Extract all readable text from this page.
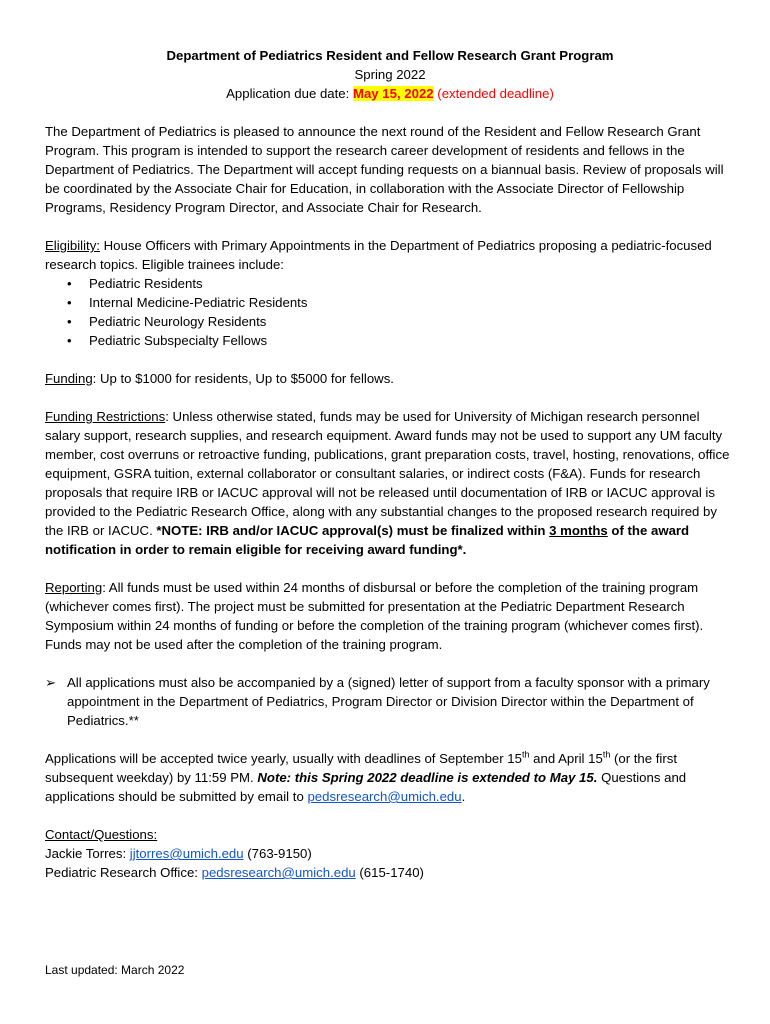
Department of Pediatrics Resident and Fellow Research Grant Program
Spring 2022
Application due date: May 15, 2022 (extended deadline)

The Department of Pediatrics is pleased to announce the next round of the Resident and Fellow Research Grant Program. This program is intended to support the research career development of residents and fellows in the Department of Pediatrics. The Department will accept funding requests on a biannual basis. Review of proposals will be coordinated by the Associate Chair for Education, in collaboration with the Associate Director of Fellowship Programs, Residency Program Director, and Associate Chair for Research.

Eligibility: House Officers with Primary Appointments in the Department of Pediatrics proposing a pediatric-focused research topics. Eligible trainees include:

• Pediatric Residents
• Internal Medicine-Pediatric Residents
• Pediatric Neurology Residents
• Pediatric Subspecialty Fellows

Funding: Up to $1000 for residents, Up to $5000 for fellows.

Funding Restrictions: Unless otherwise stated, funds may be used for University of Michigan research personnel salary support, research supplies, and research equipment. Award funds may not be used to support any UM faculty member, cost overruns or retroactive funding, publications, grant preparation costs, travel, hosting, renovations, office equipment, GSRA tuition, external collaborator or consultant salaries, or indirect costs (F&A). Funds for research proposals that require IRB or IACUC approval will not be released until documentation of IRB or IACUC approval is provided to the Pediatric Research Office, along with any substantial changes to the proposed research required by the IRB or IACUC. *NOTE: IRB and/or IACUC approval(s) must be finalized within 3 months of the award notification in order to remain eligible for receiving award funding*.

Reporting: All funds must be used within 24 months of disbursal or before the completion of the training program (whichever comes first). The project must be submitted for presentation at the Pediatric Department Research Symposium within 24 months of funding or before the completion of the training program (whichever comes first). Funds may not be used after the completion of the training program.

➢ All applications must also be accompanied by a (signed) letter of support from a faculty sponsor with a primary appointment in the Department of Pediatrics, Program Director or Division Director within the Department of Pediatrics.**

Applications will be accepted twice yearly, usually with deadlines of September 15th and April 15th (or the first subsequent weekday) by 11:59 PM. Note: this Spring 2022 deadline is extended to May 15. Questions and applications should be submitted by email to pedsresearch@umich.edu.

Contact/Questions:
Jackie Torres: jjtorres@umich.edu (763-9150)
Pediatric Research Office: pedsresearch@umich.edu (615-1740)
Last updated: March 2022
